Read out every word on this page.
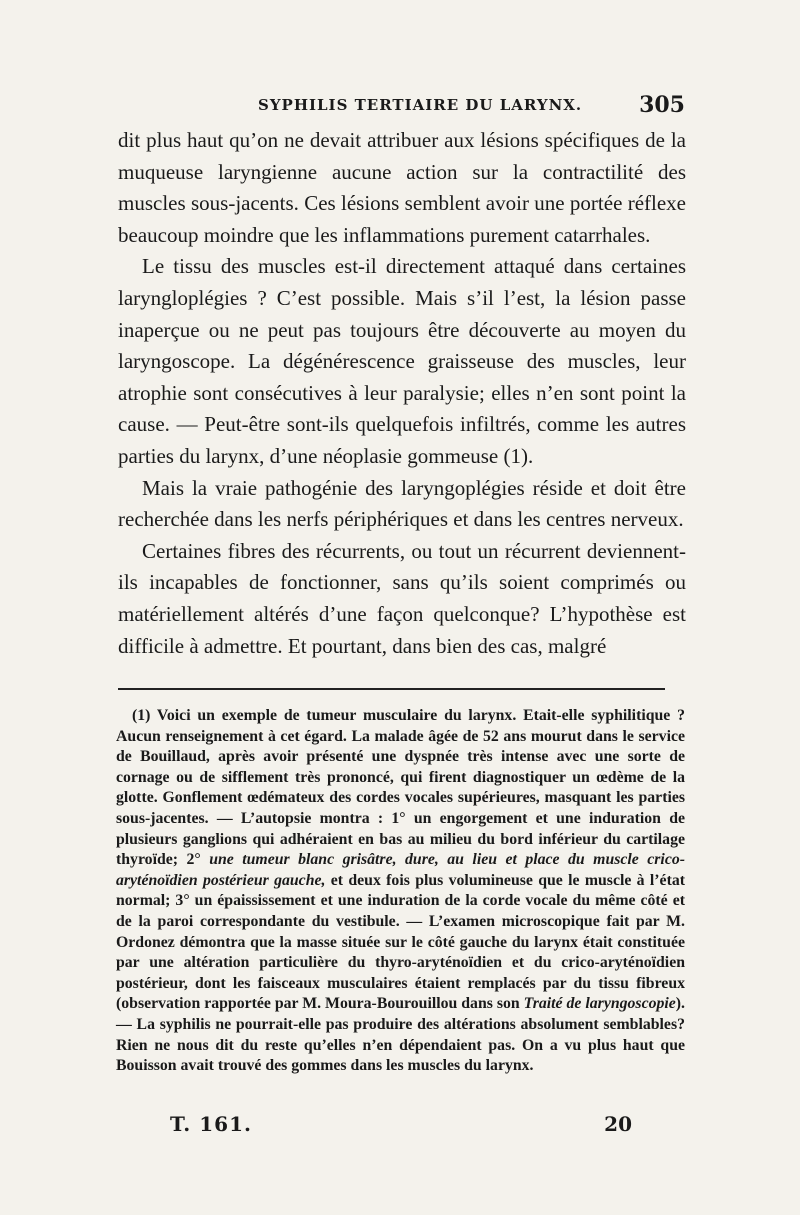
SYPHILIS TERTIAIRE DU LARYNX.	305

dit plus haut qu’on ne devait attribuer aux lésions spécifiques de la muqueuse laryngienne aucune action sur la contractilité des muscles sous-jacents. Ces lésions semblent avoir une portée réflexe beaucoup moindre que les inflammations purement catarrhales.

Le tissu des muscles est-il directement attaqué dans certaines laryngloplégies ? C’est possible. Mais s’il l’est, la lésion passe inaperçue ou ne peut pas toujours être découverte au moyen du laryngoscope. La dégénérescence graisseuse des muscles, leur atrophie sont consécutives à leur paralysie; elles n’en sont point la cause. — Peut-être sont-ils quelquefois infiltrés, comme les autres parties du larynx, d’une néoplasie gommeuse (1).

Mais la vraie pathogénie des laryngoplégies réside et doit être recherchée dans les nerfs périphériques et dans les centres nerveux.

Certaines fibres des récurrents, ou tout un récurrent deviennent-ils incapables de fonctionner, sans qu’ils soient comprimés ou matériellement altérés d’une façon quelconque? L’hypothèse est difficile à admettre. Et pourtant, dans bien des cas, malgré

(1) Voici un exemple de tumeur musculaire du larynx. Etait-elle syphilitique ? Aucun renseignement à cet égard. La malade âgée de 52 ans mourut dans le service de Bouillaud, après avoir présenté une dyspnée très intense avec une sorte de cornage ou de sifflement très prononcé, qui firent diagnostiquer un œdème de la glotte. Gonflement œdémateux des cordes vocales supérieures, masquant les parties sous-jacentes. — L’autopsie montra : 1° un engorgement et une induration de plusieurs ganglions qui adhéraient en bas au milieu du bord inférieur du cartilage thyroïde; 2° une tumeur blanc grisâtre, dure, au lieu et place du muscle crico-aryténoïdien postérieur gauche, et deux fois plus volumineuse que le muscle à l’état normal; 3° un épaississement et une induration de la corde vocale du même côté et de la paroi correspondante du vestibule. — L’examen microscopique fait par M. Ordonez démontra que la masse située sur le côté gauche du larynx était constituée par une altération particulière du thyro-aryténoïdien et du crico-aryténoïdien postérieur, dont les faisceaux musculaires étaient remplacés par du tissu fibreux (observation rapportée par M. Moura-Bourouillou dans son Traité de laryngoscopie). — La syphilis ne pourrait-elle pas produire des altérations absolument semblables? Rien ne nous dit du reste qu’elles n’en dépendaient pas. On a vu plus haut que Bouisson avait trouvé des gommes dans les muscles du larynx.

T. 161.	20
